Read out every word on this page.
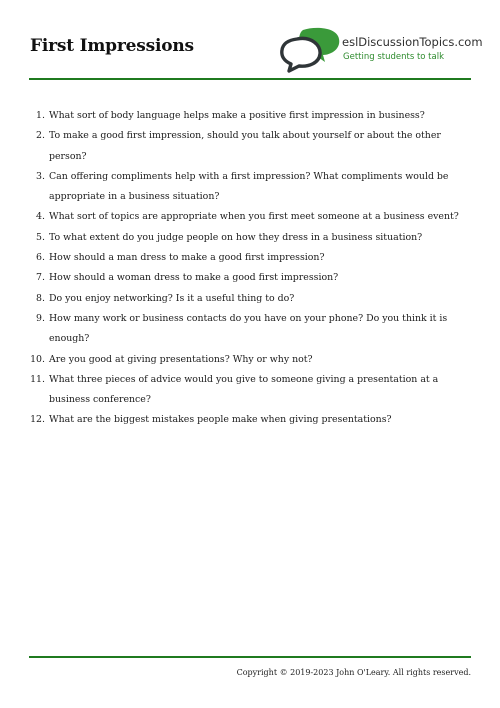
First Impressions	eslDiscussionTopics.com
Getting students to talk
1. What sort of body language helps make a positive first impression in business?
2. To make a good first impression, should you talk about yourself or about the other person?
3. Can offering compliments help with a first impression? What compliments would be appropriate in a business situation?
4. What sort of topics are appropriate when you first meet someone at a business event?
5. To what extent do you judge people on how they dress in a business situation?
6. How should a man dress to make a good first impression?
7. How should a woman dress to make a good first impression?
8. Do you enjoy networking? Is it a useful thing to do?
9. How many work or business contacts do you have on your phone? Do you think it is enough?
10. Are you good at giving presentations? Why or why not?
11. What three pieces of advice would you give to someone giving a presentation at a business conference?
12. What are the biggest mistakes people make when giving presentations?
Copyright © 2019-2023 John O'Leary. All rights reserved.
